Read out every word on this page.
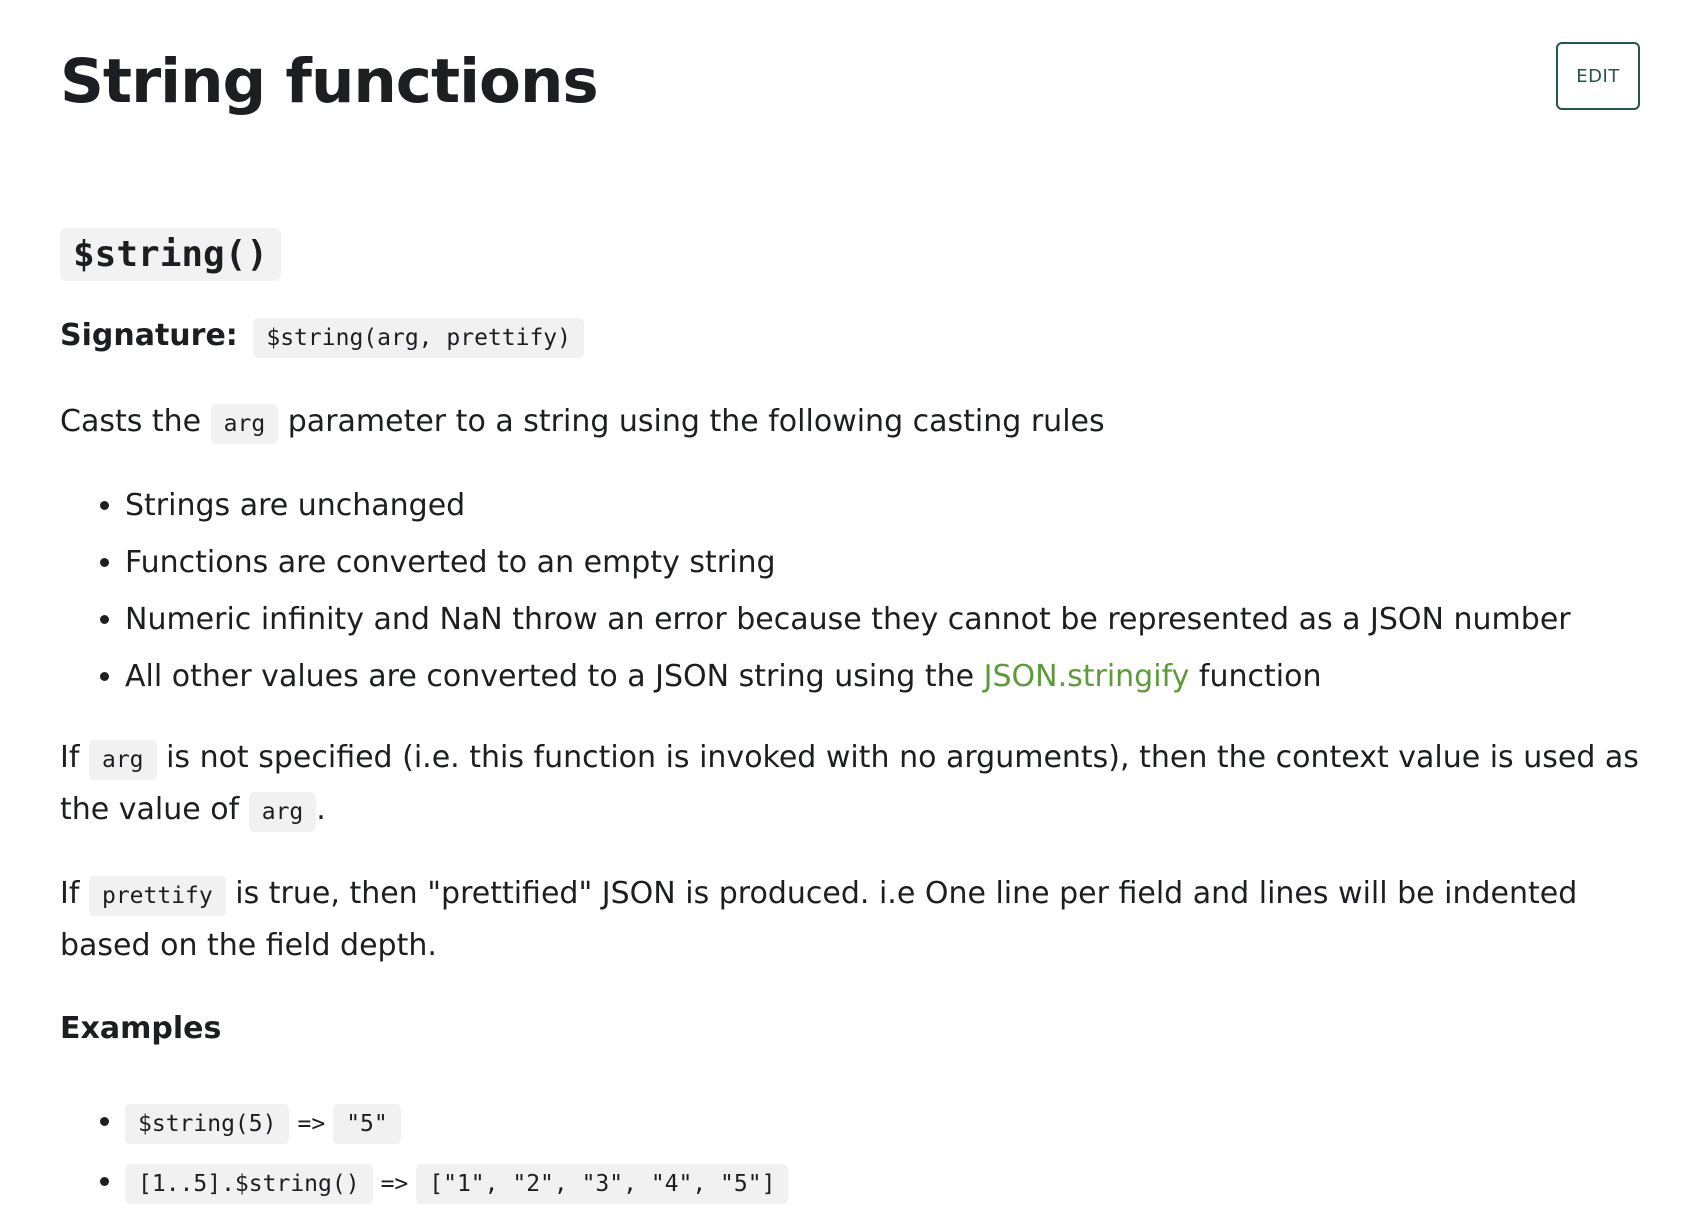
String functions	EDIT
$string()

Signature: $string(arg, prettify)

Casts the arg parameter to a string using the following casting rules

• Strings are unchanged
• Functions are converted to an empty string
• Numeric infinity and NaN throw an error because they cannot be represented as a JSON number
• All other values are converted to a JSON string using the JSON.stringify function

If arg is not specified (i.e. this function is invoked with no arguments), then the context value is used as the value of arg .

If prettify is true, then "prettified" JSON is produced. i.e One line per field and lines will be indented based on the field depth.

Examples
• $string(5) => "5"
• [1..5].$string() => ["1", "2", "3", "4", "5"]
